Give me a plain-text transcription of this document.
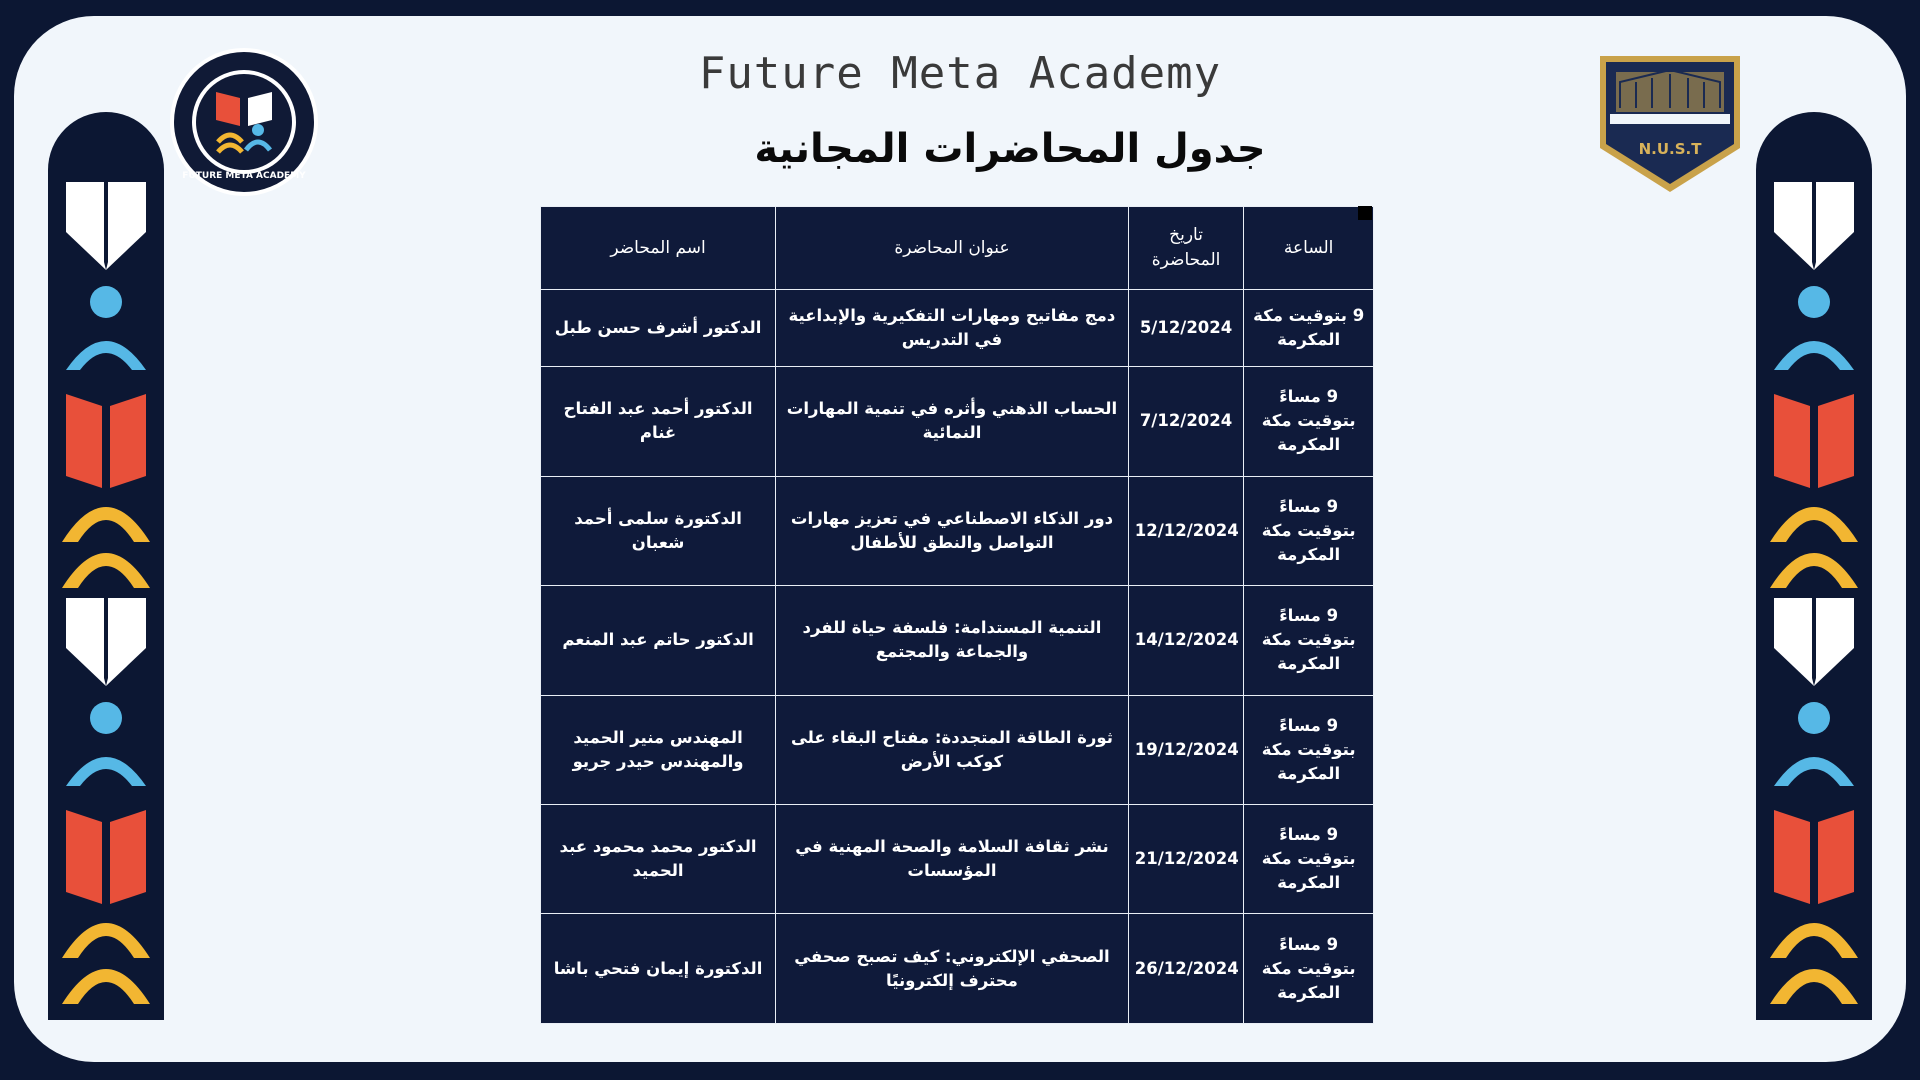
FUTURE META ACADEMY
N.U.S.T
Future Meta Academy
جدول المحاضرات المجانية
الساعة	تاريخ المحاضرة	عنوان المحاضرة	اسم المحاضر
9 بتوقيت مكة المكرمة	5/12/2024	دمج مفاتيح ومهارات التفكيرية والإبداعية في التدريس	الدكتور أشرف حسن طبل
9 مساءً بتوقيت مكة المكرمة	7/12/2024	الحساب الذهني وأثره في تنمية المهارات النمائية	الدكتور أحمد عبد الفتاح غنام
9 مساءً بتوقيت مكة المكرمة	12/12/2024	دور الذكاء الاصطناعي في تعزيز مهارات التواصل والنطق للأطفال	الدكتورة سلمى أحمد شعبان
9 مساءً بتوقيت مكة المكرمة	14/12/2024	التنمية المستدامة: فلسفة حياة للفرد والجماعة والمجتمع	الدكتور حاتم عبد المنعم
9 مساءً بتوقيت مكة المكرمة	19/12/2024	ثورة الطاقة المتجددة: مفتاح البقاء على كوكب الأرض	المهندس منير الحميد والمهندس حيدر جريو
9 مساءً بتوقيت مكة المكرمة	21/12/2024	نشر ثقافة السلامة والصحة المهنية في المؤسسات	الدكتور محمد محمود عبد الحميد
9 مساءً بتوقيت مكة المكرمة	26/12/2024	الصحفي الإلكتروني: كيف تصبح صحفي محترف إلكترونيًا	الدكتورة إيمان فتحي باشا
